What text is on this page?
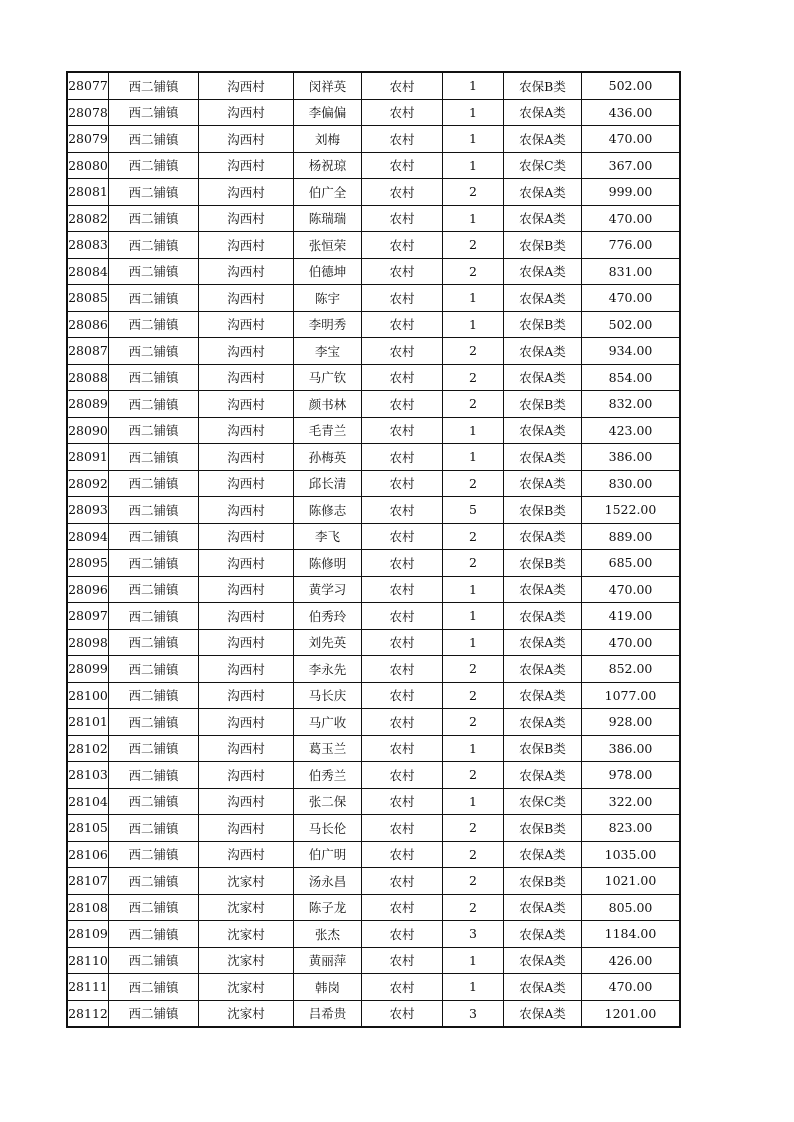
28077	西二铺镇	沟西村	闵祥英	农村	1	农保B类	502.00
28078	西二铺镇	沟西村	李偏偏	农村	1	农保A类	436.00
28079	西二铺镇	沟西村	刘梅	农村	1	农保A类	470.00
28080	西二铺镇	沟西村	杨祝琼	农村	1	农保C类	367.00
28081	西二铺镇	沟西村	伯广全	农村	2	农保A类	999.00
28082	西二铺镇	沟西村	陈瑞瑞	农村	1	农保A类	470.00
28083	西二铺镇	沟西村	张恒荣	农村	2	农保B类	776.00
28084	西二铺镇	沟西村	伯德坤	农村	2	农保A类	831.00
28085	西二铺镇	沟西村	陈宇	农村	1	农保A类	470.00
28086	西二铺镇	沟西村	李明秀	农村	1	农保B类	502.00
28087	西二铺镇	沟西村	李宝	农村	2	农保A类	934.00
28088	西二铺镇	沟西村	马广钦	农村	2	农保A类	854.00
28089	西二铺镇	沟西村	颜书林	农村	2	农保B类	832.00
28090	西二铺镇	沟西村	毛青兰	农村	1	农保A类	423.00
28091	西二铺镇	沟西村	孙梅英	农村	1	农保A类	386.00
28092	西二铺镇	沟西村	邱长清	农村	2	农保A类	830.00
28093	西二铺镇	沟西村	陈修志	农村	5	农保B类	1522.00
28094	西二铺镇	沟西村	李飞	农村	2	农保A类	889.00
28095	西二铺镇	沟西村	陈修明	农村	2	农保B类	685.00
28096	西二铺镇	沟西村	黄学习	农村	1	农保A类	470.00
28097	西二铺镇	沟西村	伯秀玲	农村	1	农保A类	419.00
28098	西二铺镇	沟西村	刘先英	农村	1	农保A类	470.00
28099	西二铺镇	沟西村	李永先	农村	2	农保A类	852.00
28100	西二铺镇	沟西村	马长庆	农村	2	农保A类	1077.00
28101	西二铺镇	沟西村	马广收	农村	2	农保A类	928.00
28102	西二铺镇	沟西村	葛玉兰	农村	1	农保B类	386.00
28103	西二铺镇	沟西村	伯秀兰	农村	2	农保A类	978.00
28104	西二铺镇	沟西村	张二保	农村	1	农保C类	322.00
28105	西二铺镇	沟西村	马长伦	农村	2	农保B类	823.00
28106	西二铺镇	沟西村	伯广明	农村	2	农保A类	1035.00
28107	西二铺镇	沈家村	汤永昌	农村	2	农保B类	1021.00
28108	西二铺镇	沈家村	陈子龙	农村	2	农保A类	805.00
28109	西二铺镇	沈家村	张杰	农村	3	农保A类	1184.00
28110	西二铺镇	沈家村	黄丽萍	农村	1	农保A类	426.00
28111	西二铺镇	沈家村	韩岗	农村	1	农保A类	470.00
28112	西二铺镇	沈家村	吕希贵	农村	3	农保A类	1201.00
